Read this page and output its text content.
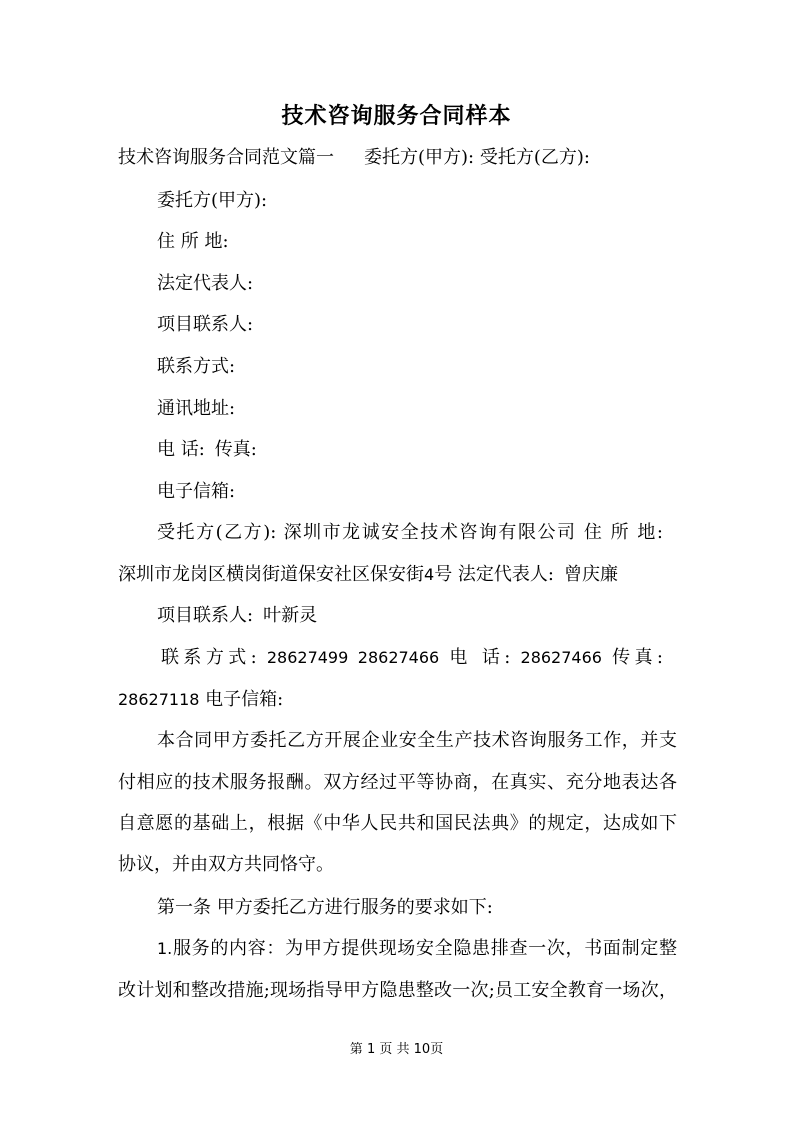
技术咨询服务合同样本
技术咨询服务合同范文篇一 委托方(甲方): 受托方(乙方):
委托方(甲方):
住 所 地:
法定代表人:
项目联系人:
联系方式:
通讯地址:
电 话: 传真:
电子信箱:
受托方(乙方): 深圳市龙诚安全技术咨询有限公司 住 所 地:
深圳市龙岗区横岗街道保安社区保安街4号 法定代表人: 曾庆廉
项目联系人: 叶新灵
联系方式: 28627499 28627466 电 话: 28627466 传真:
28627118 电子信箱:
本合同甲方委托乙方开展企业安全生产技术咨询服务工作，并支
付相应的技术服务报酬。双方经过平等协商，在真实、充分地表达各
自意愿的基础上，根据《中华人民共和国民法典》的规定，达成如下
协议，并由双方共同恪守。
第一条 甲方委托乙方进行服务的要求如下:
1.服务的内容：为甲方提供现场安全隐患排查一次，书面制定整
改计划和整改措施;现场指导甲方隐患整改一次;员工安全教育一场次，
第 1 页 共 10页
